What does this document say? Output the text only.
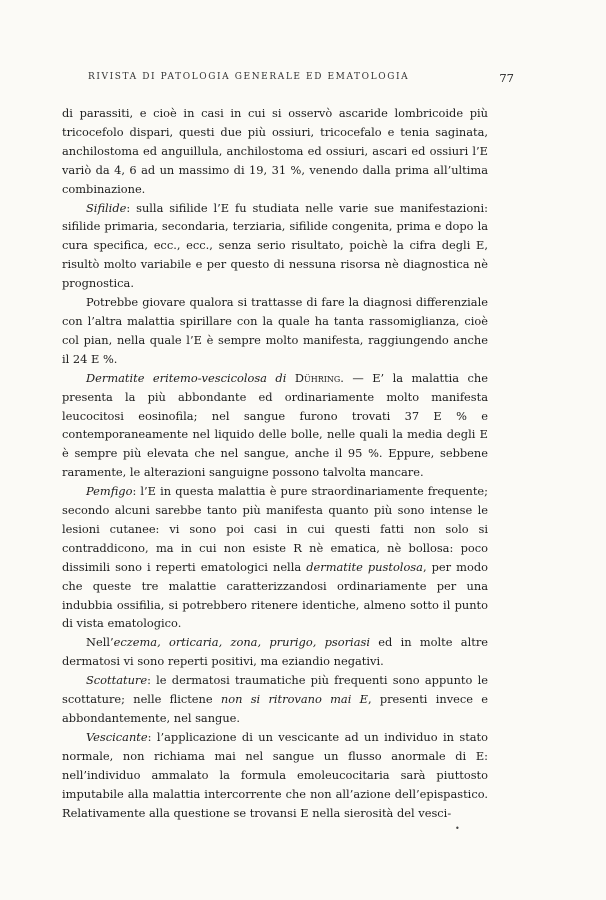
RIVISTA DI PATOLOGIA GENERALE ED EMATOLOGIA	77

di parassiti, e cioè in casi in cui si osservò ascaride lombricoide più tricocefolo dispari, questi due più ossiuri, tricocefalo e tenia saginata, anchilostoma ed anguillula, anchilostoma ed ossiuri, ascari ed ossiuri l’E variò da 4, 6 ad un massimo di 19, 31 %, venendo dalla prima all’ultima combinazione.

Sifilide: sulla sifilide l’E fu studiata nelle varie sue manifestazioni: sifilide primaria, secondaria, terziaria, sifilide congenita, prima e dopo la cura specifica, ecc., ecc., senza serio risultato, poichè la cifra degli E, risultò molto variabile e per questo di nessuna risorsa nè diagnostica nè prognostica.

Potrebbe giovare qualora si trattasse di fare la diagnosi differenziale con l’altra malattia spirillare con la quale ha tanta rassomiglianza, cioè col pian, nella quale l’E è sempre molto manifesta, raggiungendo anche il 24 E %.

Dermatite eritemo-vescicolosa di Dühring. — E’ la malattia che presenta la più abbondante ed ordinariamente molto manifesta leucocitosi eosinofila; nel sangue furono trovati 37 E % e contemporaneamente nel liquido delle bolle, nelle quali la media degli E è sempre più elevata che nel sangue, anche il 95 %. Eppure, sebbene raramente, le alterazioni sanguigne possono talvolta mancare.

Pemfigo: l’E in questa malattia è pure straordinariamente frequente; secondo alcuni sarebbe tanto più manifesta quanto più sono intense le lesioni cutanee: vi sono poi casi in cui questi fatti non solo si contraddicono, ma in cui non esiste R nè ematica, nè bollosa: poco dissimili sono i reperti ematologici nella dermatite pustolosa, per modo che queste tre malattie caratterizzandosi ordinariamente per una indubbia ossifilia, si potrebbero ritenere identiche, almeno sotto il punto di vista ematologico.

Nell’eczema, orticaria, zona, prurigo, psoriasi ed in molte altre dermatosi vi sono reperti positivi, ma eziandio negativi.

Scottature: le dermatosi traumatiche più frequenti sono appunto le scottature; nelle flictene non si ritrovano mai E, presenti invece e abbondantemente, nel sangue.

Vescicante: l’applicazione di un vescicante ad un individuo in stato normale, non richiama mai nel sangue un flusso anormale di E: nell’individuo ammalato la formula emoleucocitaria sarà piuttosto imputabile alla malattia intercorrente che non all’azione dell’epispastico. Relativamente alla questione se trovansi E nella sierosità del vesci-

•
